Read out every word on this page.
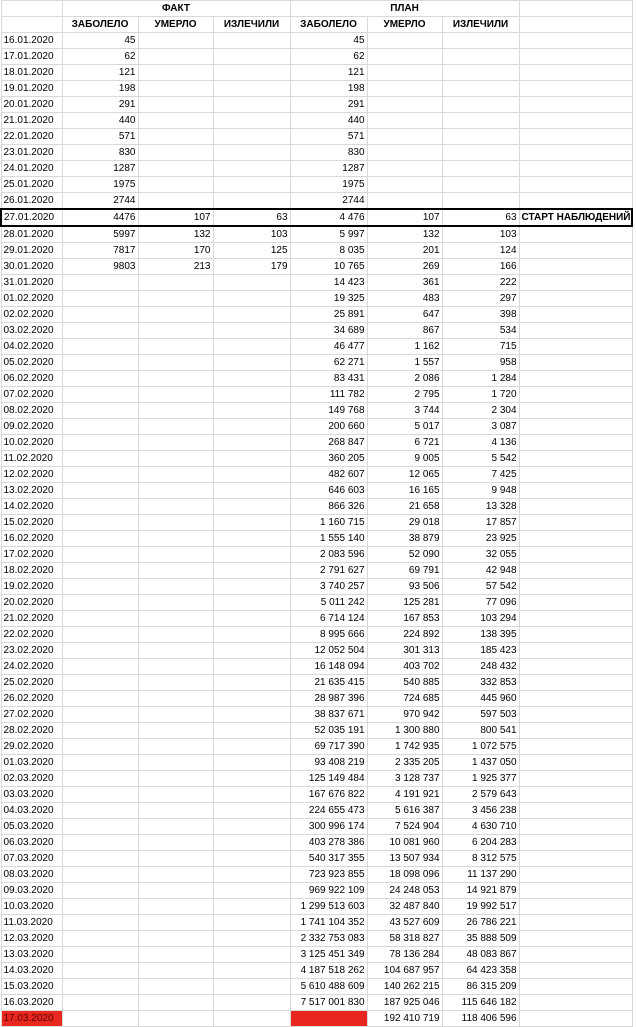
	ФАКТ			ПЛАН			
	ЗАБОЛЕЛО	УМЕРЛО	ИЗЛЕЧИЛИ	ЗАБОЛЕЛО	УМЕРЛО	ИЗЛЕЧИЛИ	
16.01.2020	45			45			
17.01.2020	62			62			
18.01.2020	121			121			
19.01.2020	198			198			
20.01.2020	291			291			
21.01.2020	440			440			
22.01.2020	571			571			
23.01.2020	830			830			
24.01.2020	1287			1287			
25.01.2020	1975			1975			
26.01.2020	2744			2744			
27.01.2020	4476	107	63	4 476	107	63	СТАРТ НАБЛЮДЕНИЙ
28.01.2020	5997	132	103	5 997	132	103	
29.01.2020	7817	170	125	8 035	201	124	
30.01.2020	9803	213	179	10 765	269	166	
31.01.2020				14 423	361	222	
01.02.2020				19 325	483	297	
02.02.2020				25 891	647	398	
03.02.2020				34 689	867	534	
04.02.2020				46 477	1 162	715	
05.02.2020				62 271	1 557	958	
06.02.2020				83 431	2 086	1 284	
07.02.2020				111 782	2 795	1 720	
08.02.2020				149 768	3 744	2 304	
09.02.2020				200 660	5 017	3 087	
10.02.2020				268 847	6 721	4 136	
11.02.2020				360 205	9 005	5 542	
12.02.2020				482 607	12 065	7 425	
13.02.2020				646 603	16 165	9 948	
14.02.2020				866 326	21 658	13 328	
15.02.2020				1 160 715	29 018	17 857	
16.02.2020				1 555 140	38 879	23 925	
17.02.2020				2 083 596	52 090	32 055	
18.02.2020				2 791 627	69 791	42 948	
19.02.2020				3 740 257	93 506	57 542	
20.02.2020				5 011 242	125 281	77 096	
21.02.2020				6 714 124	167 853	103 294	
22.02.2020				8 995 666	224 892	138 395	
23.02.2020				12 052 504	301 313	185 423	
24.02.2020				16 148 094	403 702	248 432	
25.02.2020				21 635 415	540 885	332 853	
26.02.2020				28 987 396	724 685	445 960	
27.02.2020				38 837 671	970 942	597 503	
28.02.2020				52 035 191	1 300 880	800 541	
29.02.2020				69 717 390	1 742 935	1 072 575	
01.03.2020				93 408 219	2 335 205	1 437 050	
02.03.2020				125 149 484	3 128 737	1 925 377	
03.03.2020				167 676 822	4 191 921	2 579 643	
04.03.2020				224 655 473	5 616 387	3 456 238	
05.03.2020				300 996 174	7 524 904	4 630 710	
06.03.2020				403 278 386	10 081 960	6 204 283	
07.03.2020				540 317 355	13 507 934	8 312 575	
08.03.2020				723 923 855	18 098 096	11 137 290	
09.03.2020				969 922 109	24 248 053	14 921 879	
10.03.2020				1 299 513 603	32 487 840	19 992 517	
11.03.2020				1 741 104 352	43 527 609	26 786 221	
12.03.2020				2 332 753 083	58 318 827	35 888 509	
13.03.2020				3 125 451 349	78 136 284	48 083 867	
14.03.2020				4 187 518 262	104 687 957	64 423 358	
15.03.2020				5 610 488 609	140 262 215	86 315 209	
16.03.2020				7 517 001 830	187 925 046	115 646 182	
17.03.2020				7 696 426 779	192 410 719	118 406 596	
